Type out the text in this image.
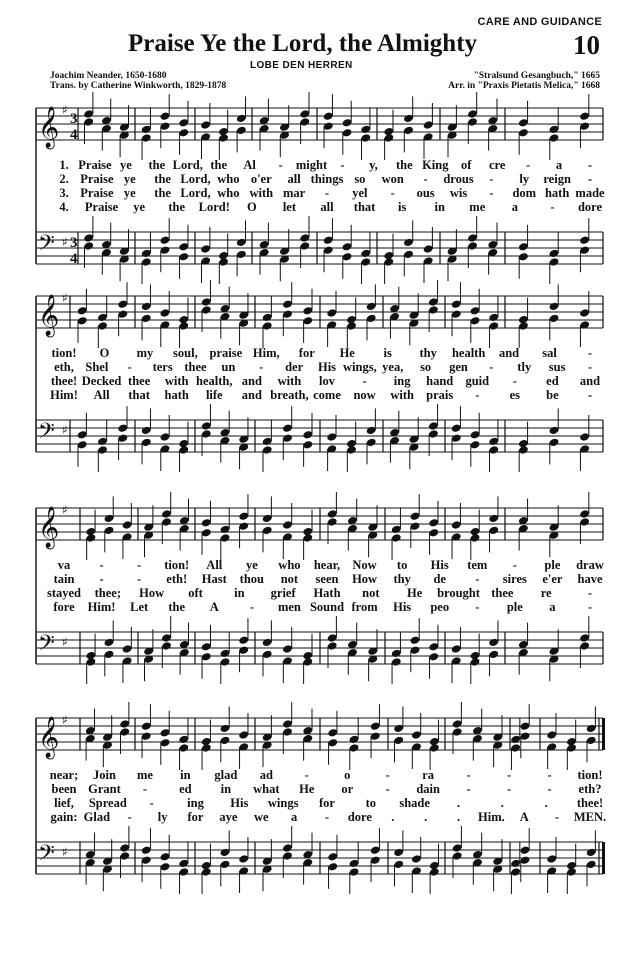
CARE AND GUIDANCE
Praise Ye the Lord, the Almighty	10
LOBE DEN HERREN
Joachim Neander, 1650-1680
Trans. by Catherine Winkworth, 1829-1878
"Stralsund Gesangbuch," 1665
Arr. in "Praxis Pietatis Melica," 1668
𝄞 ♯
𝄢 ♯
3
4
3
4
𝄞 ♯
𝄢 ♯
𝄞 ♯
𝄢 ♯
𝄞 ♯
𝄢 ♯
1. Praise ye the Lord, the Al - might - y, the King of cre - a -
2. Praise ye the Lord, who o'er all things so won - drous - ly reign -
3. Praise ye the Lord, who with mar - yel - ous wis - dom hath made
4. Praise ye the Lord! O let all that is in me a	- dore
tion! O my soul, praise Him, for He is thy health and sal -
eth, Shel - ters thee un - der His wings, yea, so gen - tly sus -
thee! Decked thee with health, and with lov - ing hand guid - ed and
Him! All that hath life and breath, come now with prais - es be -
va -	- tion! All ye who hear, Now to His tem - ple draw
tain -	- eth! Hast thou not seen How thy de - sires e'er have
stayed thee; How oft	in grief Hath not He brought thee re	-
fore Him! Let the A - men Sound from His peo - ple a	-
near; Join me in glad ad	-	o	-	ra	-	-	- tion!
been Grant -	ed in what He or	- dain -	-	- eth?
lief, Spread -	ing His wings for to shade .	.	. thee!
gain: Glad - ly for aye we a - dore . . . Him. A - MEN.
